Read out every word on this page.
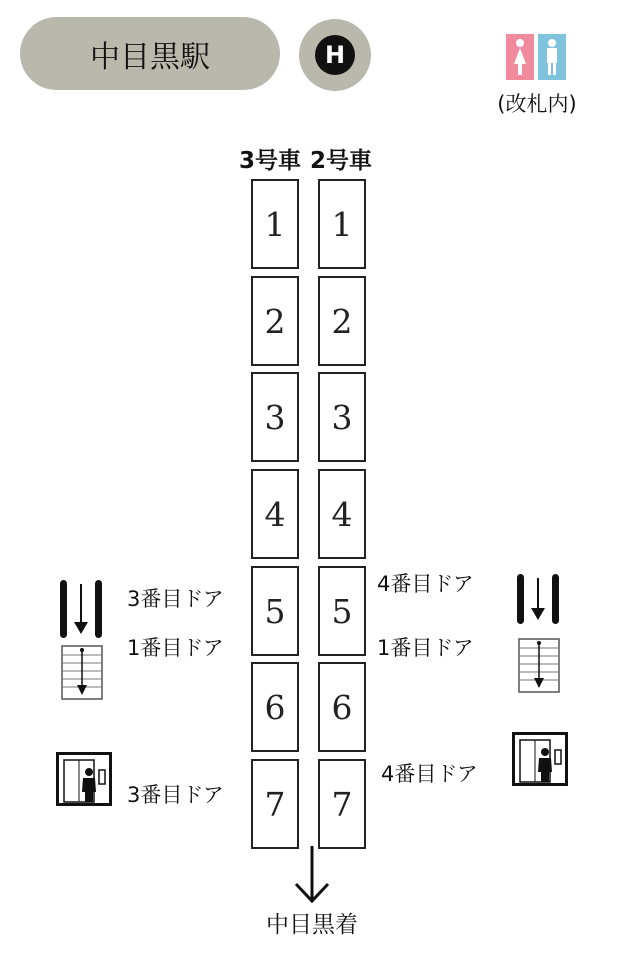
中目黒駅	H
(改札内)
3号車 2号車
1
2
3
4
5
6
7
1
2
3
4
5
6
7
3番目ドア
1番目ドア
3番目ドア
4番目ドア
1番目ドア
4番目ドア
中目黒着
